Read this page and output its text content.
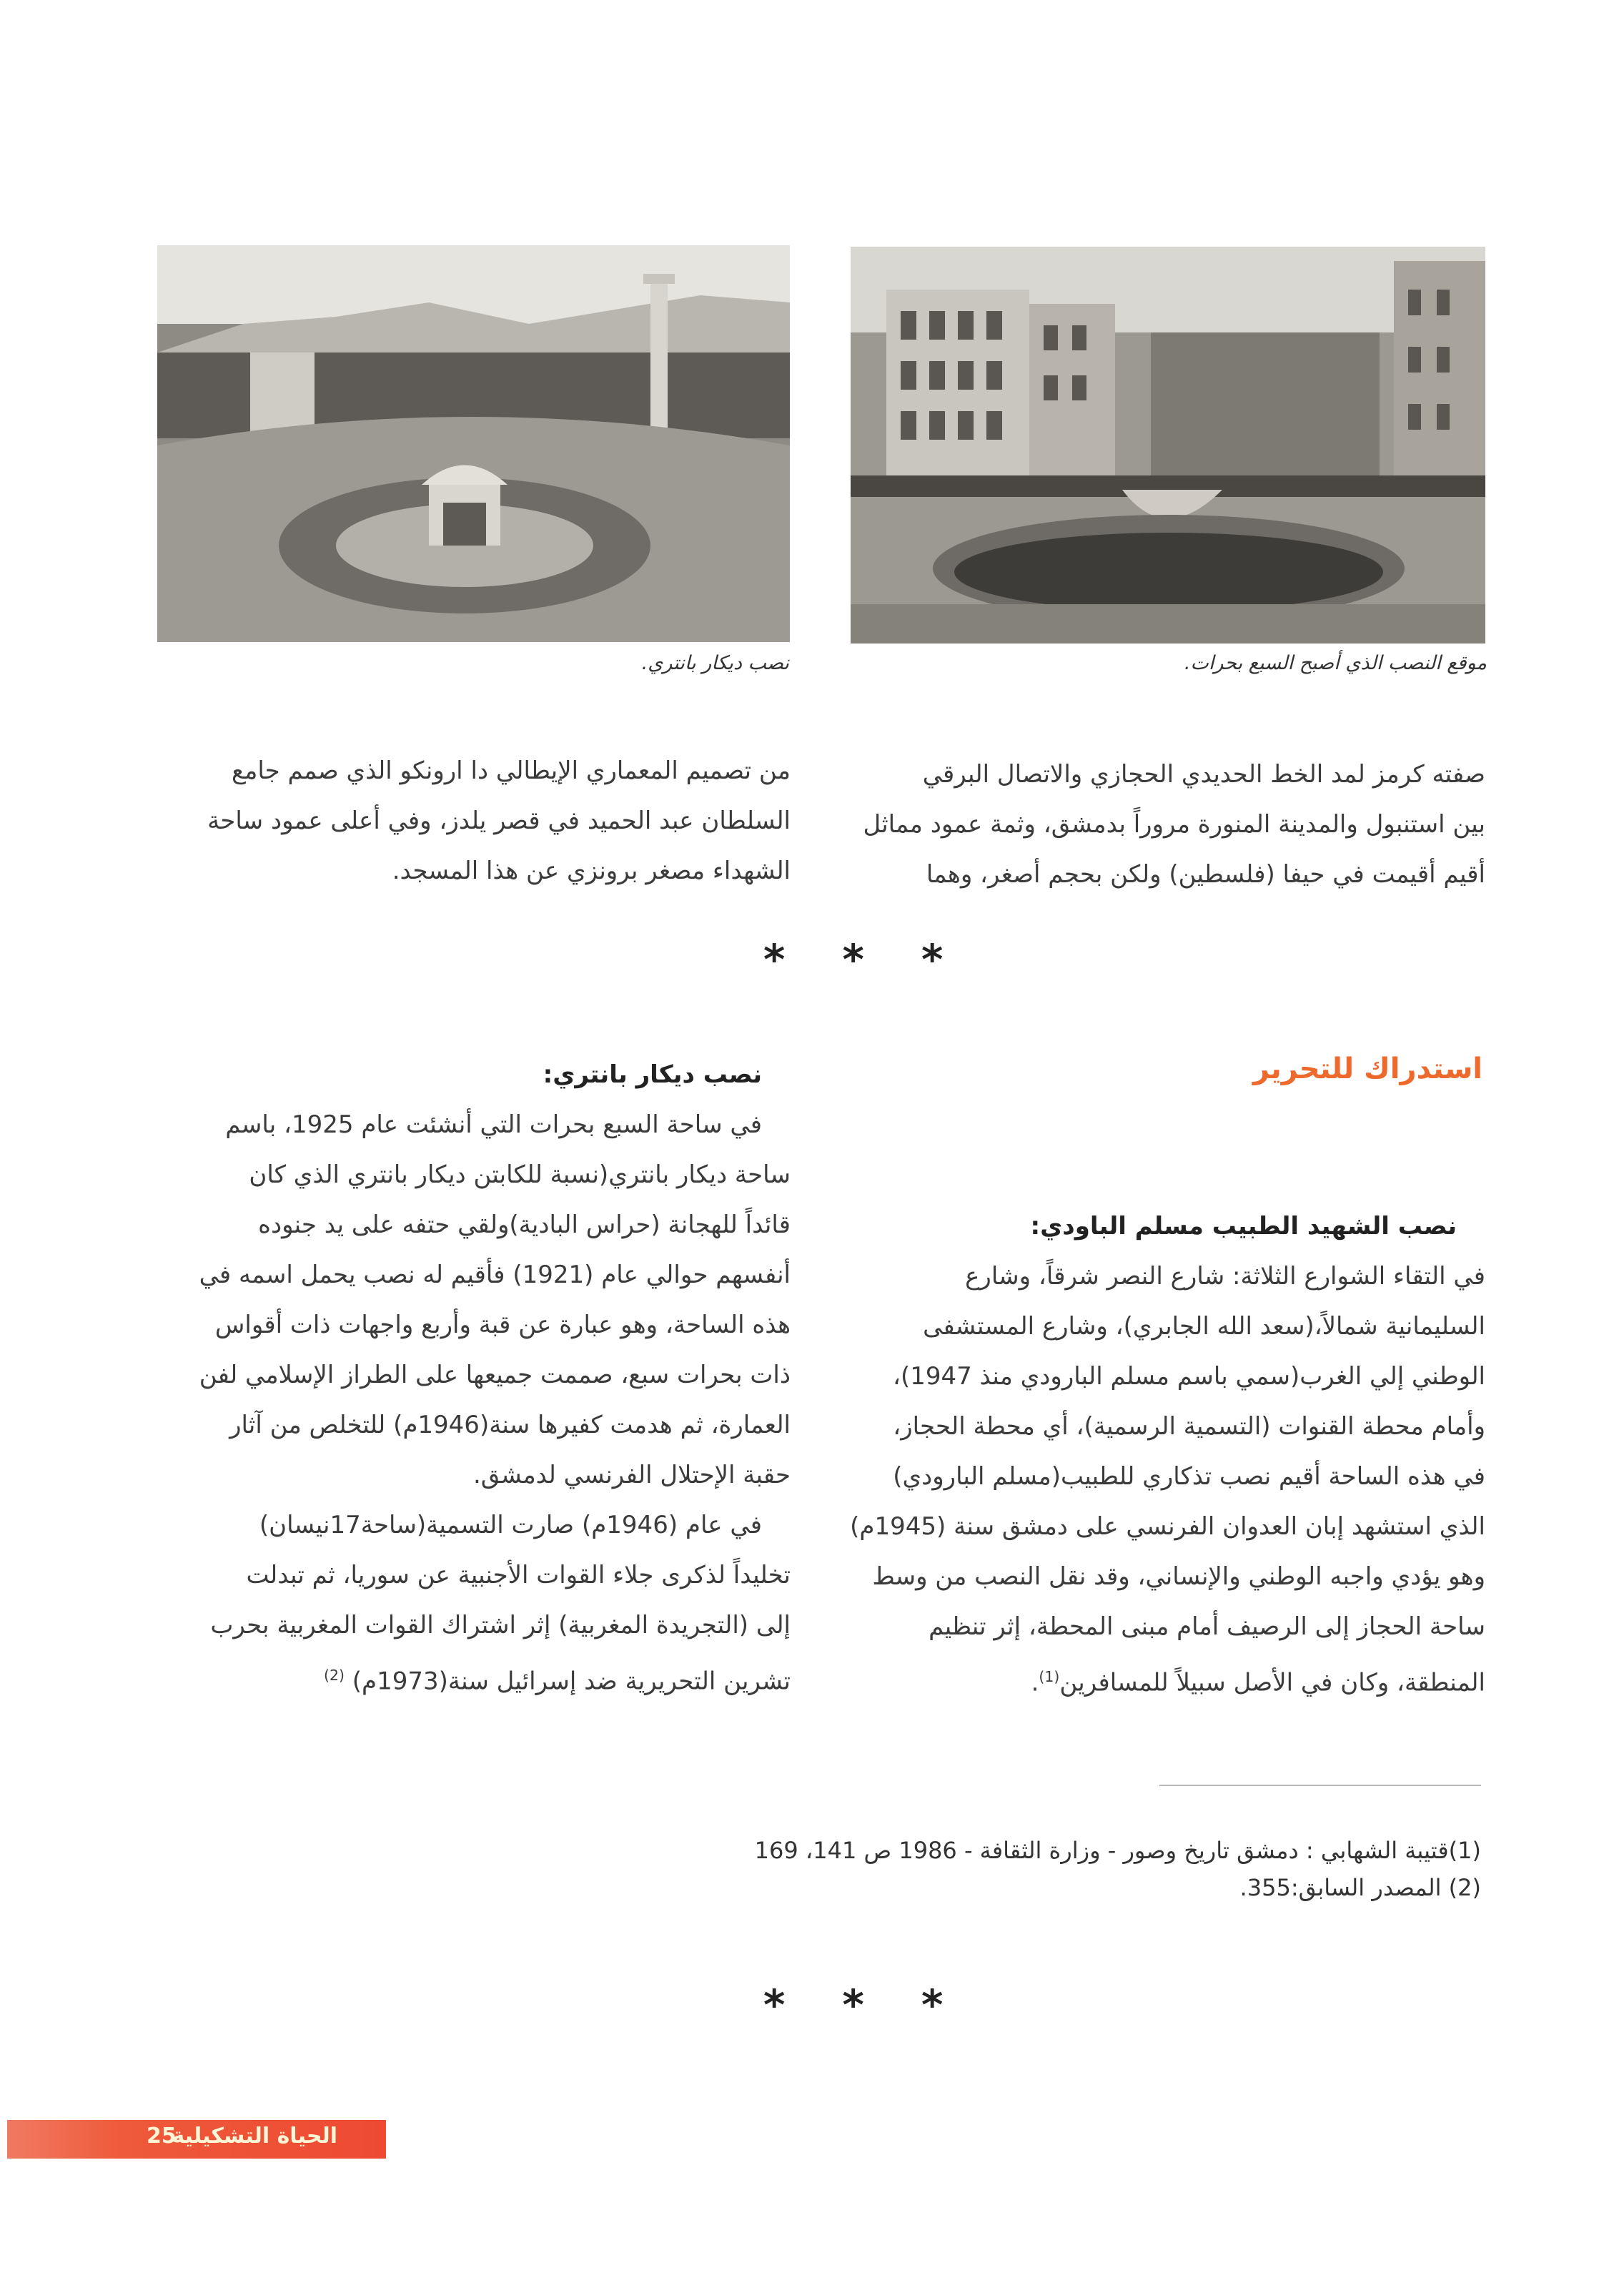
موقع النصب الذي أصبح السبع بحرات.
نصب ديكار بانتري.

صفته كرمز لمد الخط الحديدي الحجازي والاتصال البرقي

بين استنبول والمدينة المنورة مروراً بدمشق، وثمة عمود مماثل

أقيم أقيمت في حيفا (فلسطين) ولكن بحجم أصغر، وهما

من تصميم المعماري الإيطالي دا ارونكو الذي صمم جامع

السلطان عبد الحميد في قصر يلدز، وفي أعلى عمود ساحة

الشهداء مصغر برونزي عن هذا المسجد.

* * *
استدراك للتحرير

نصب الشهيد الطبيب مسلم الباودي:

في التقاء الشوارع الثلاثة: شارع النصر شرقاً، وشارع

السليمانية شمالاً،(سعد الله الجابري)، وشارع المستشفى

الوطني إلي الغرب(سمي باسم مسلم البارودي منذ 1947)،

وأمام محطة القنوات (التسمية الرسمية)، أي محطة الحجاز،

في هذه الساحة أقيم نصب تذكاري للطبيب(مسلم البارودي)

الذي استشهد إبان العدوان الفرنسي على دمشق سنة (1945م)

وهو يؤدي واجبه الوطني والإنساني، وقد نقل النصب من وسط

ساحة الحجاز إلى الرصيف أمام مبنى المحطة، إثر تنظيم

المنطقة، وكان في الأصل سبيلاً للمسافرين$^{(1)}$.

نصب ديكار بانتري:

في ساحة السبع بحرات التي أنشئت عام 1925، باسم

ساحة ديكار بانتري(نسبة للكابتن ديكار بانتري الذي كان

قائداً للهجانة (حراس البادية)ولقي حتفه على يد جنوده

أنفسهم حوالي عام (1921) فأقيم له نصب يحمل اسمه في

هذه الساحة، وهو عبارة عن قبة وأربع واجهات ذات أقواس

ذات بحرات سبع، صممت جميعها على الطراز الإسلامي لفن

العمارة، ثم هدمت كفيرها سنة(1946م) للتخلص من آثار

حقبة الإحتلال الفرنسي لدمشق.

في عام (1946م) صارت التسمية(ساحة17نيسان)

تخليداً لذكرى جلاء القوات الأجنبية عن سوريا، ثم تبدلت

إلى (التجريدة المغربية) إثر اشتراك القوات المغربية بحرب

تشرين التحريرية ضد إسرائيل سنة(1973م) $^{(2)}$

(1)قتيبة الشهابي : دمشق تاريخ وصور - وزارة الثقافة - 1986 ص 141، 169
(2) المصدر السابق:355.
* * *
الحياة التشكيلية
25
